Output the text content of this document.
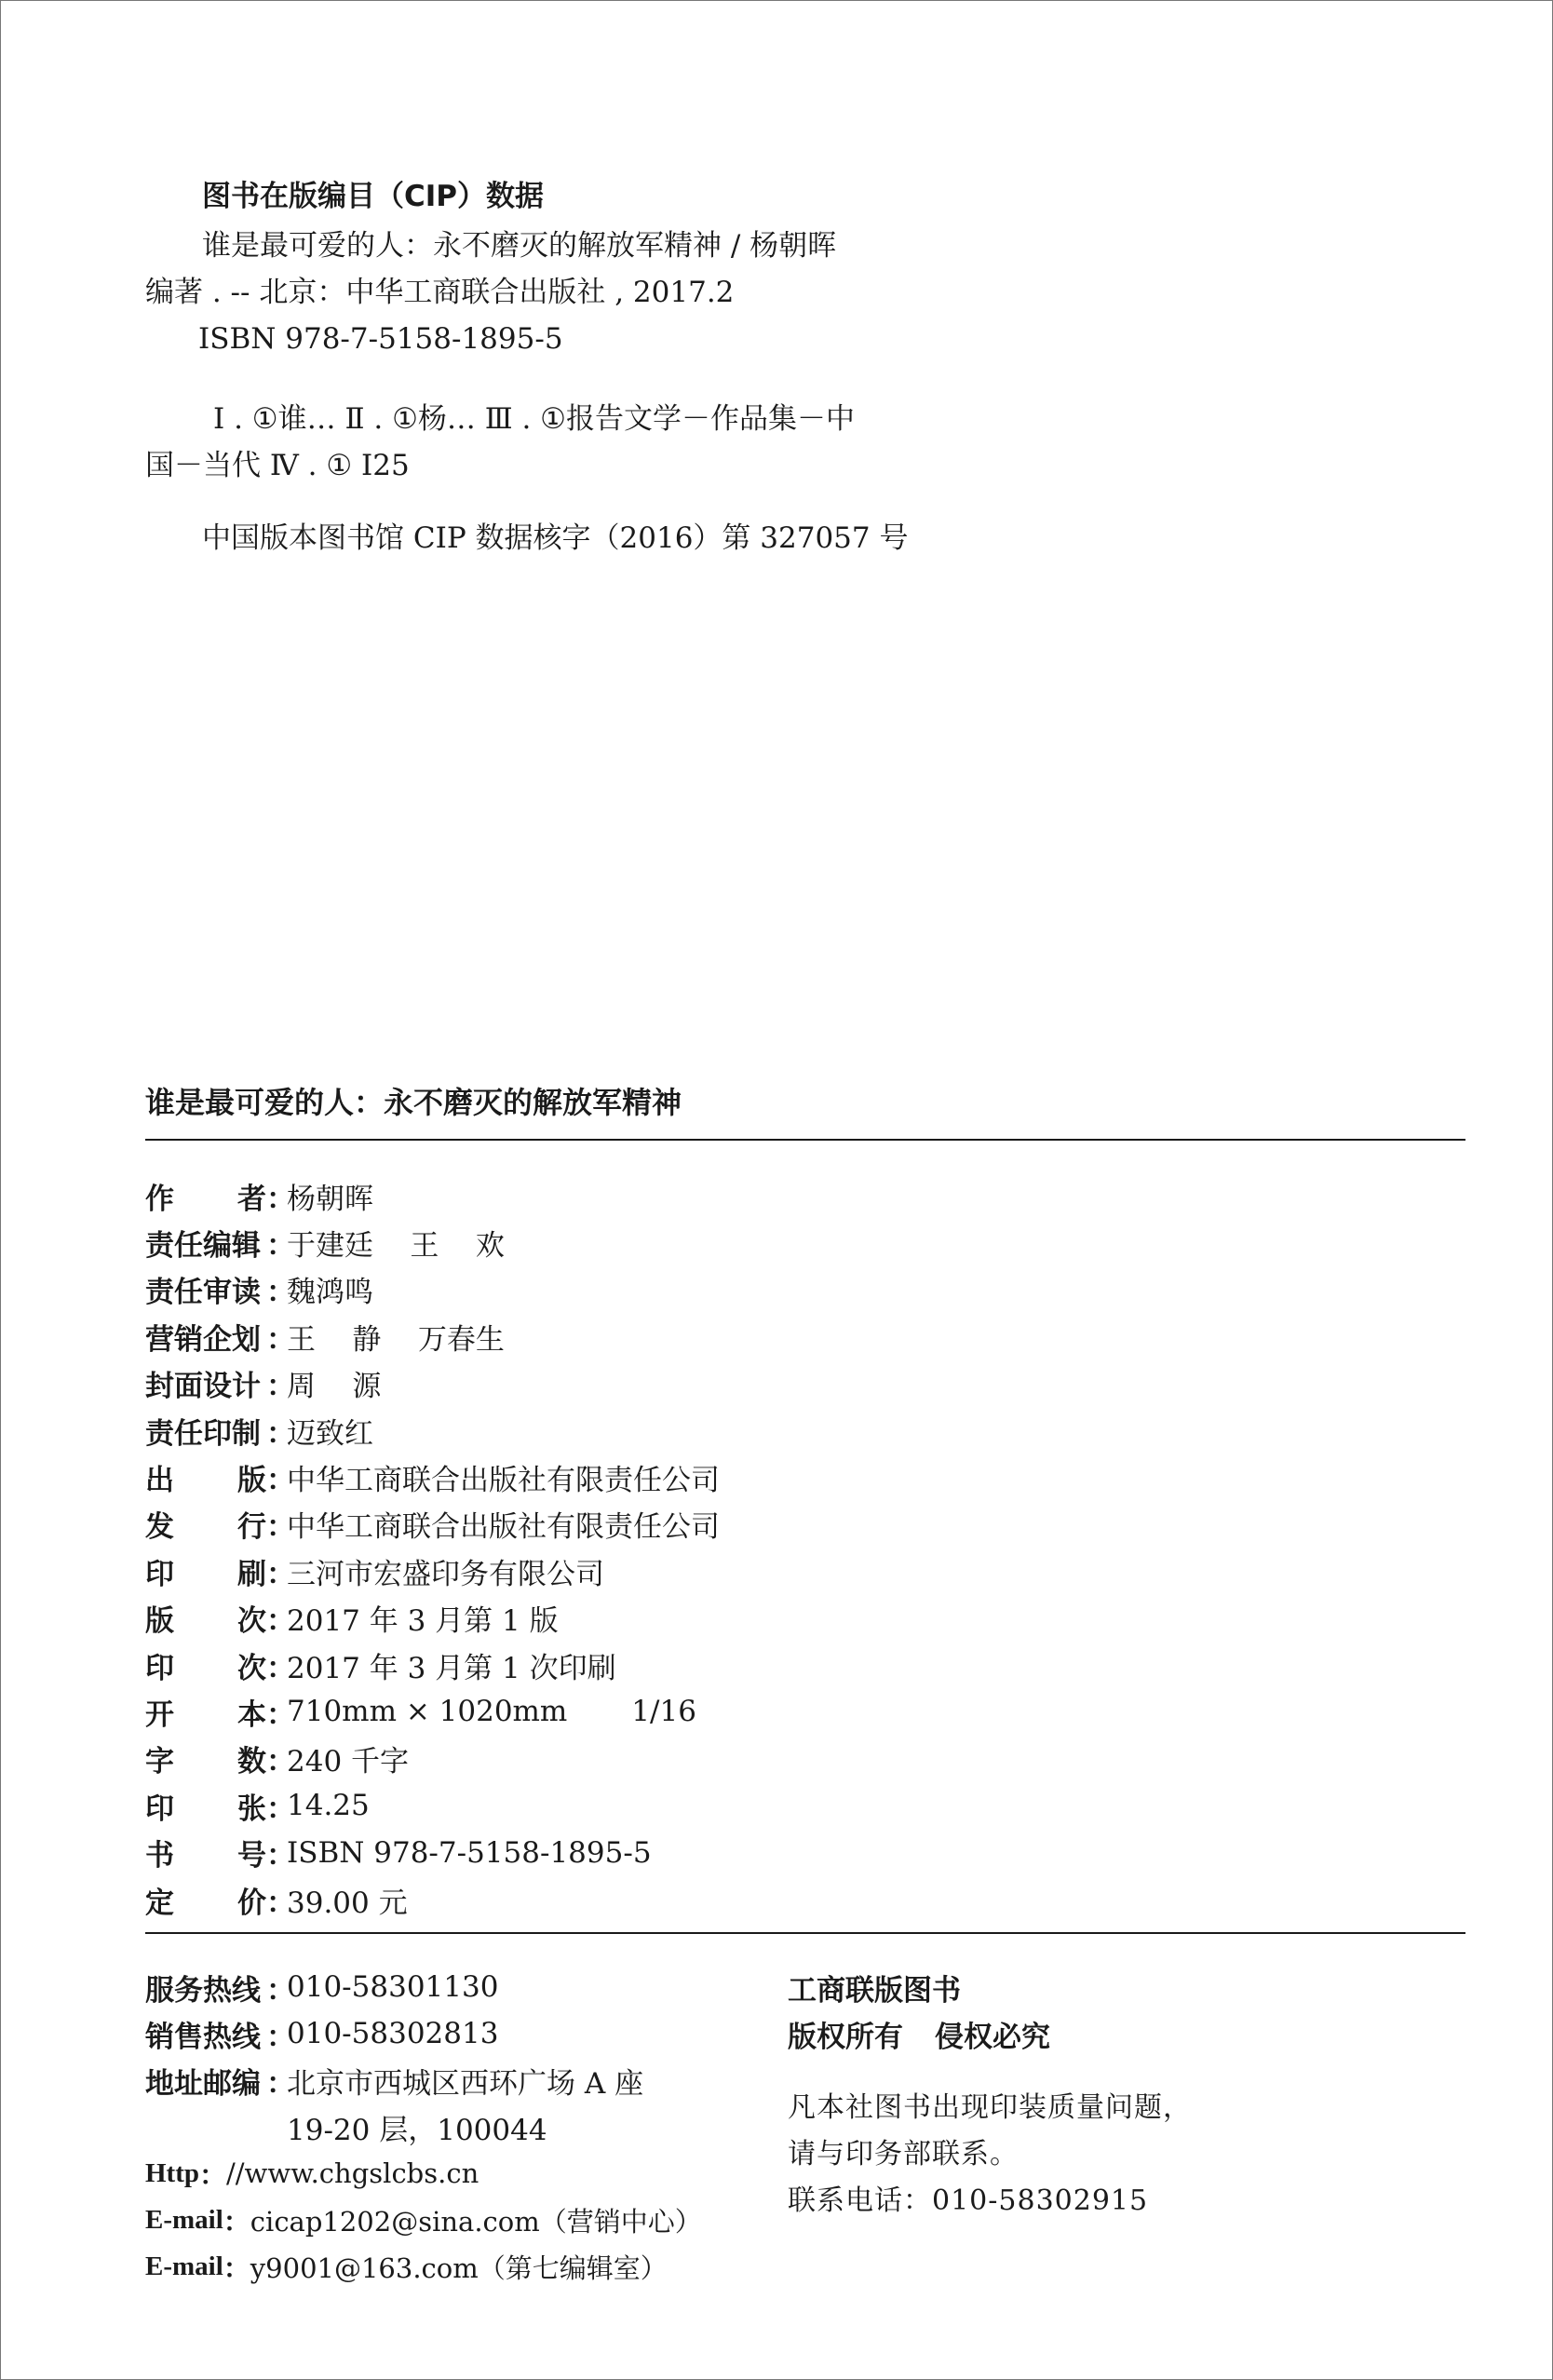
图书在版编目（CIP）数据
谁是最可爱的人：永不磨灭的解放军精神 / 杨朝晖
编著 . -- 北京：中华工商联合出版社 , 2017.2
ISBN 978-7-5158-1895-5
Ⅰ . ①谁… Ⅱ . ①杨… Ⅲ . ①报告文学－作品集－中
国－当代 Ⅳ . ① I25
中国版本图书馆 CIP 数据核字（2016）第 327057 号
谁是最可爱的人：永不磨灭的解放军精神
作 者 ：
杨朝晖
责任编辑 ：
于建廷    王    欢
责任审读 ：
魏鸿鸣
营销企划 ：
王    静    万春生
封面设计 ：
周    源
责任印制 ：
迈致红
出 版 ：
中华工商联合出版社有限责任公司
发 行 ：
中华工商联合出版社有限责任公司
印 刷 ：
三河市宏盛印务有限公司
版 次 ：
2017 年 3 月第 1 版
印 次 ：
2017 年 3 月第 1 次印刷
开 本 ：
710mm × 1020mm       1/16
字 数 ：
240 千字
印 张 ：
14.25
书 号 ：
ISBN 978-7-5158-1895-5
定 价 ：
39.00 元
服务热线 ：
010-58301130
销售热线 ：
010-58302813
地址邮编 ：
北京市西城区西环广场 A 座
19-20 层，100044
Http ： //www.chgslcbs.cn
E-mail ： cicap1202@sina.com（营销中心）
E-mail ： y9001@163.com（第七编辑室）
工商联版图书
版权所有 侵权必究
凡本社图书出现印装质量问题，
请与印务部联系。
联系电话：010-58302915
